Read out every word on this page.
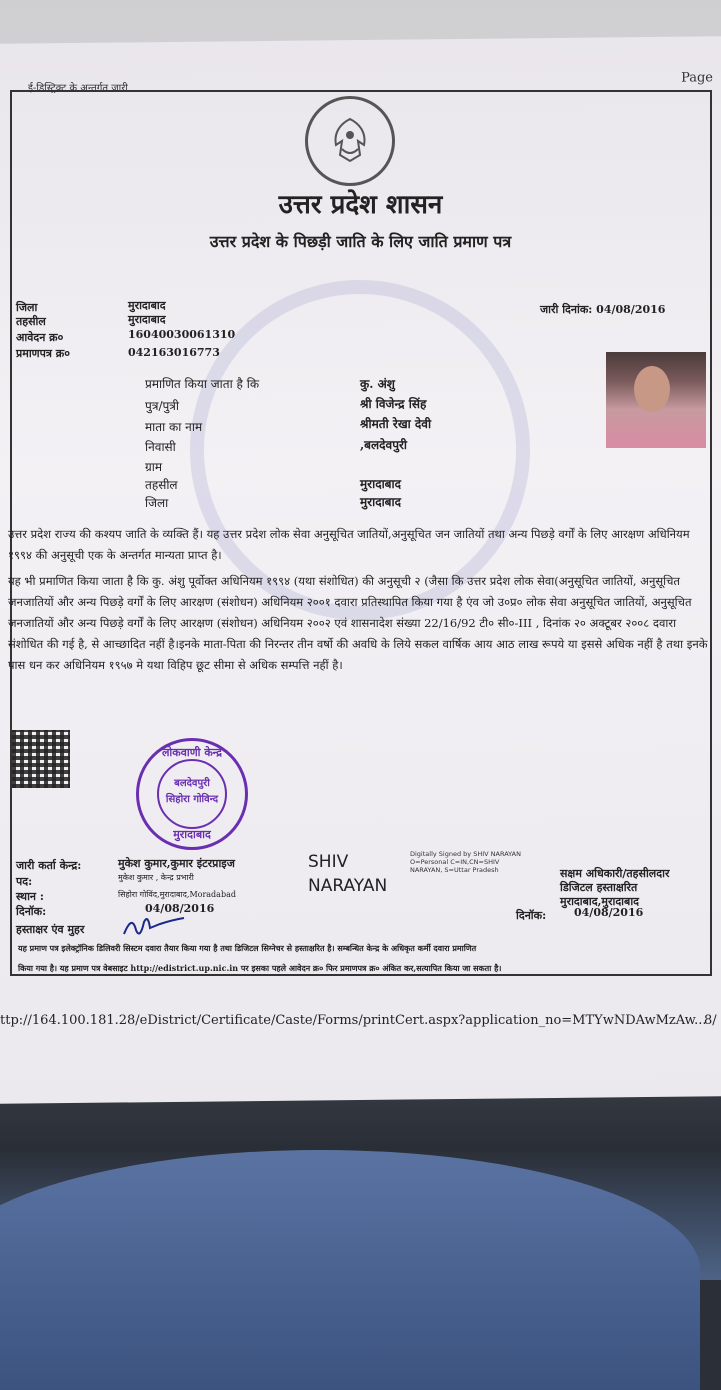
Page
ई-डिस्ट्रिक्ट के अन्तर्गत जारी
उत्तर प्रदेश शासन
उत्तर प्रदेश के पिछड़ी जाति के लिए जाति प्रमाण पत्र
जिला	मुरादाबाद
तहसील	मुरादाबाद
आवेदन क्र०	16040030061310
प्रमाणपत्र क्र०	042163016773
जारी दिनांक: 04/08/2016
प्रमाणित किया जाता है कि	कु. अंशु
पुत्र/पुत्री	श्री विजेन्द्र सिंह
माता का नाम	श्रीमती रेखा देवी
निवासी	,बलदेवपुरी
ग्राम
तहसील	मुरादाबाद
जिला	मुरादाबाद
उत्तर प्रदेश राज्य की कश्यप जाति के व्यक्ति हैं। यह उत्तर प्रदेश लोक सेवा अनुसूचित जातियों,अनुसूचित जन जातियों तथा अन्य पिछड़े वर्गों के लिए आरक्षण अधिनियम १९९४ की अनुसूची एक के अन्तर्गत मान्यता प्राप्त है।
यह भी प्रमाणित किया जाता है कि कु. अंशु पूर्वोक्त अधिनियम १९९४ (यथा संशोधित) की अनुसूची २ (जैसा कि उत्तर प्रदेश लोक सेवा(अनुसूचित जातियों, अनुसूचित जनजातियों और अन्य पिछड़े वर्गों के लिए आरक्षण (संशोधन) अधिनियम २००१ दवारा प्रतिस्थापित किया गया है एंव जो उ०प्र० लोक सेवा अनुसूचित जातियों, अनुसूचित जनजातियों और अन्य पिछड़े वर्गों के लिए आरक्षण (संशोधन) अधिनियम २००२ एवं शासनादेश संख्या 22/16/92 टी० सी०-III , दिनांक २० अक्टूबर २००८ दवारा संशोधित की गई है, से आच्छादित नहीं है।इनके माता-पिता की निरन्तर तीन वर्षो की अवधि के लिये सकल वार्षिक आय आठ लाख रूपये या इससे अधिक नहीं है तथा इनके पास धन कर अधिनियम १९५७ मे यथा विहिप छूट सीमा से अधिक सम्पत्ति नहीं है।
लोकवाणी केन्द्र
बलदेवपुरी
सिहोरा गोविन्द
मुरादाबाद
जारी कर्ता केन्द्र:	मुकेश कुमार,कुमार इंटरप्राइज
पद:	मुकेश कुमार , केन्द्र प्रभारी
स्थान :	सिहोरा गोविंद,मुरादाबाद,Moradabad
दिनॉक:	04/08/2016
हस्ताक्षर एंव मुहर
SHIV
NARAYAN
Digitally Signed by SHIV NARAYAN O=Personal C=IN,CN=SHIV NARAYAN, S=Uttar Pradesh	सक्षम अधिकारी/तहसीलदार
डिजिटल हस्ताक्षरित
मुरादाबाद,मुरादाबाद
दिनॉक:	04/08/2016
यह प्रमाण पत्र इलेक्ट्रॉनिक डिलिवरी सिस्टम दवारा तैयार किया गया है तथा डिजिटल सिग्नेचर से हस्ताक्षरित है। सम्बन्धित केन्द्र के अधिकृत कर्मी दवारा प्रमाणित
किया गया है। यह प्रमाण पत्र वेबसाइट http://edistrict.up.nic.in पर इसका पहले आवेदन क्र० फिर प्रमाणपत्र क्र० अंकित कर,सत्यापित किया जा सकता है।
ttp://164.100.181.28/eDistrict/Certificate/Caste/Forms/printCert.aspx?application_no=MTYwNDAwMzAw...
8/
